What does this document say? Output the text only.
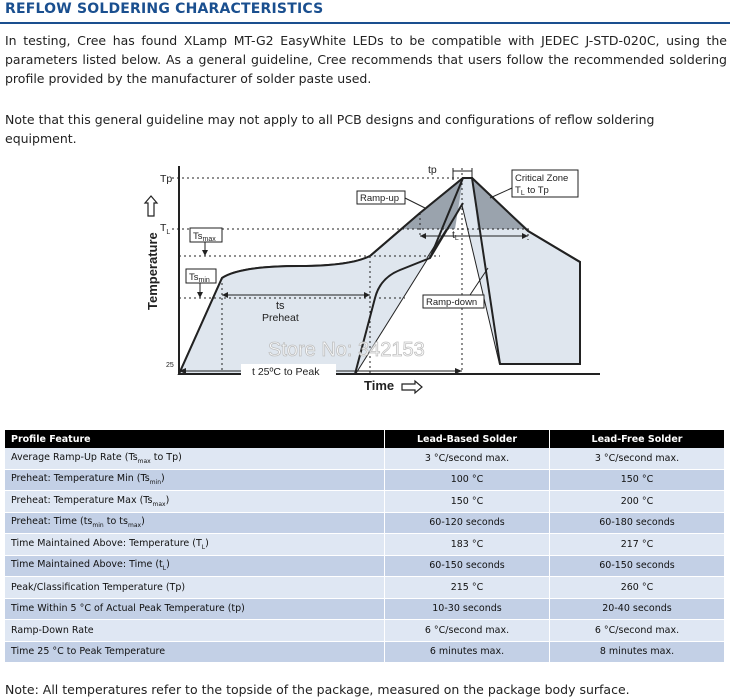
REFLOW SOLDERING CHARACTERISTICS
In testing, Cree has found XLamp MT-G2 EasyWhite LEDs to be compatible with JEDEC J-STD-020C, using the parameters listed below. As a general guideline, Cree recommends that users follow the recommended soldering profile provided by the manufacturer of solder paste used.
Note that this general guideline may not apply to all PCB designs and configurations of reflow soldering equipment.
Tp
$T_L$
25
Temperature	$Ts_{max}$
$Ts_{min}$
ts
Preheat
tp
tL
Critical Zone
$T_L$ to Tp
Ramp-up
Ramp-down
t 25ºC to Peak
Time
Store No: 342153
Profile Feature	Lead-Based Solder	Lead-Free Solder
Average Ramp-Up Rate ($Ts_{max}$ to Tp)	3 °C/second max.	3 °C/second max.
Preheat: Temperature Min $(Ts_{min})$	100 °C	150 °C
Preheat: Temperature Max $(Ts_{max})$	150 °C	200 °C
Preheat: Time ($ts_{min}$ to $ts_{max}$)	60-120 seconds	60-180 seconds
Time Maintained Above: Temperature $(T_L)$	183 °C	217 °C
Time Maintained Above: Time $(t_L)$	60-150 seconds	60-150 seconds
Peak/Classification Temperature (Tp)	215 °C	260 °C
Time Within 5 °C of Actual Peak Temperature (tp)	10-30 seconds	20-40 seconds
Ramp-Down Rate	6 °C/second max.	6 °C/second max.
Time 25 °C to Peak Temperature	6 minutes max.	8 minutes max.
Note: All temperatures refer to the topside of the package, measured on the package body surface.
